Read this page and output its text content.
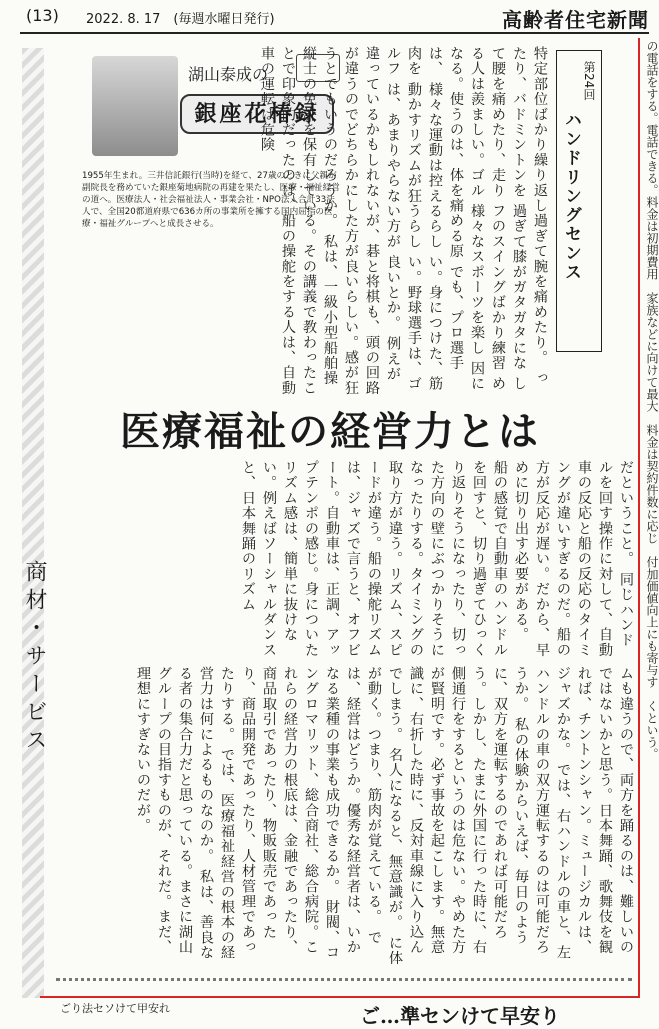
(13) 2022. 8. 17　(毎週水曜日発行)	高齢者住宅新聞
商材・サービス
湖山泰成の
銀座花椿録
1955年生まれ。三井信託銀行(当時)を経て、27歳のときに父親が副院長を務めていた銀座菊地病院の再建を果たし、医療・福祉経営の道へ。医療法人・社会福祉法人・事業会社・NPO法人合計33法人で、全国20都道府県で636カ所の事業所を擁する国内屈指の医療・福祉グループへと成長させる。
第24回
ハンドリングセンス
特定部位ばかり繰り返し過ぎて腕を痛めたり。 ったり、バドミントンを 過ぎて膝がガタガタにな して腰を痛めたり、走り フのスイングばかり練習 める人は羨ましい。ゴル 様々なスポーツを楽し 因になる。使うのは、体を痛める原 でも、プロ選手は、 様々な運動は控えるらし い。身につけた、筋肉を 動かすリズムが狂うらし い。野球選手は、ゴルフ は、あまりやらない方が 良いとか。 例えが違っているかもしれないが、碁と将棋も、頭の回路が違うのでどちらかにした方が良いらしい。感が狂うとでもいうのだろうか。 私は、一級小型船舶操縦士の免許を保有している。その講義で教わったことで印象的だったのは、船の操舵をする人は、自動車の運転は危険
医療福祉の経営力とは
だということ。 同じハンドルを回す操作に対して、自動車の反応と船の反応のタイミングが違いすぎるのだ。船の方が反応が遅い。だから、早めに切り出す必要がある。 船の感覚で自動車のハンドルを回すと、切り過ぎてひっくり返りそうになったり、切った方向の壁にぶつかりそうになったりする。タイミングの取り方が違う。リズム、スピードが違う。船の操舵リズムは、ジャズで言うと、オフビート。自動車は、正調、アップテンポの感じ。身についたリズム感は、簡単に抜けない。例えばソーシャルダンスと、日本舞踊のリズム
ムも違うので、両方を踊るのは、難しいのではないかと思う。日本舞踊、歌舞伎を観れば、チントンシャン。ミュージカルは、ジャズかな。 では、右ハンドルの車と、左ハンドルの車の双方運転するのは可能だろうか。 私の体験からいえば、毎日のように、双方を運転するのであれば可能だろう。しかし、たまに外国に行った時に、右側通行をするというのは危ない。やめた方が賢明です。必ず事故を起こします。無意識に、右折した時に、反対車線に入り込んでしまう。 名人になると、無意識が。 に体が動く。つまり、筋肉が覚えている。 では、経営はどうか。優秀な経営者は、いかなる業種の事業も成功できるか。 財閥、コングロマリット、総合商社、総合病院。これらの経営力の根底は、金融であったり、商品取引であったり、物販販売であったり、商品開発であったり、人材管理であったりする。 では、医療福祉経営の根本の経営力は何によるものなのか。 私は、善良なる者の集合力だと思っている。まさに湖山グループの目指すものが、それだ。まだ、理想にすぎないのだが。	の電話をする。電話できる。料金は初期費用　家族などに向けて最大　料金は契約件数に応じ　付加価値向上にも寄与す　くという。
ごり法セソけて甲安れ	ご…準センけて早安り
